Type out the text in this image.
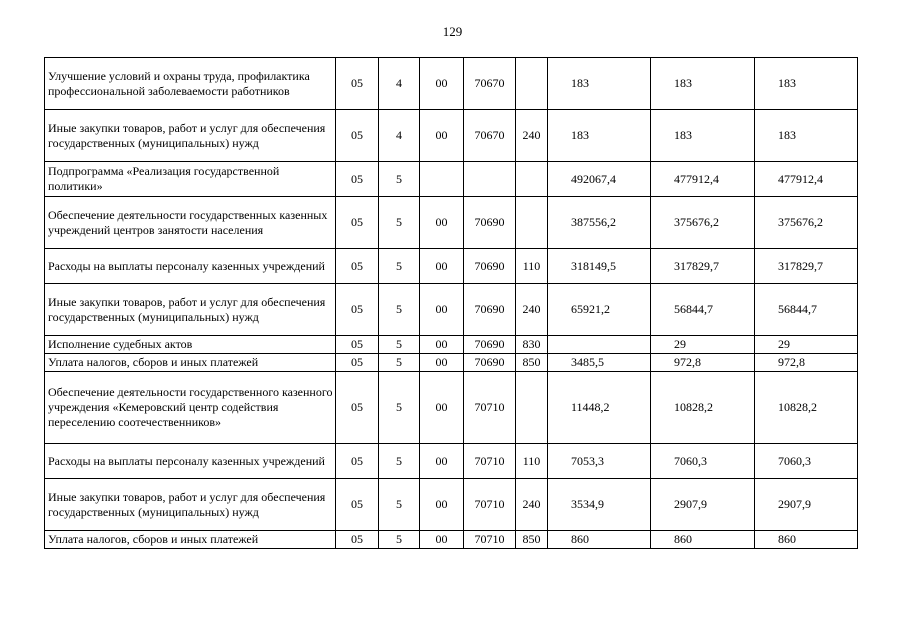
129
Улучшение условий и охраны труда, профилактика профессиональной заболеваемости работников	05	4	00	70670		183	183	183
Иные закупки товаров, работ и услуг для обеспечения государственных (муниципальных) нужд	05	4	00	70670	240	183	183	183
Подпрограмма «Реализация государственной политики»	05	5				492067,4	477912,4	477912,4
Обеспечение деятельности государственных казенных учреждений центров занятости населения	05	5	00	70690		387556,2	375676,2	375676,2
Расходы на выплаты персоналу казенных учреждений	05	5	00	70690	110	318149,5	317829,7	317829,7
Иные закупки товаров, работ и услуг для обеспечения государственных (муниципальных) нужд	05	5	00	70690	240	65921,2	56844,7	56844,7
Исполнение судебных актов	05	5	00	70690	830		29	29
Уплата налогов, сборов и иных платежей	05	5	00	70690	850	3485,5	972,8	972,8
Обеспечение деятельности государственного казенного учреждения «Кемеровский центр содействия переселению соотечественников»	05	5	00	70710		11448,2	10828,2	10828,2
Расходы на выплаты персоналу казенных учреждений	05	5	00	70710	110	7053,3	7060,3	7060,3
Иные закупки товаров, работ и услуг для обеспечения государственных (муниципальных) нужд	05	5	00	70710	240	3534,9	2907,9	2907,9
Уплата налогов, сборов и иных платежей	05	5	00	70710	850	860	860	860
